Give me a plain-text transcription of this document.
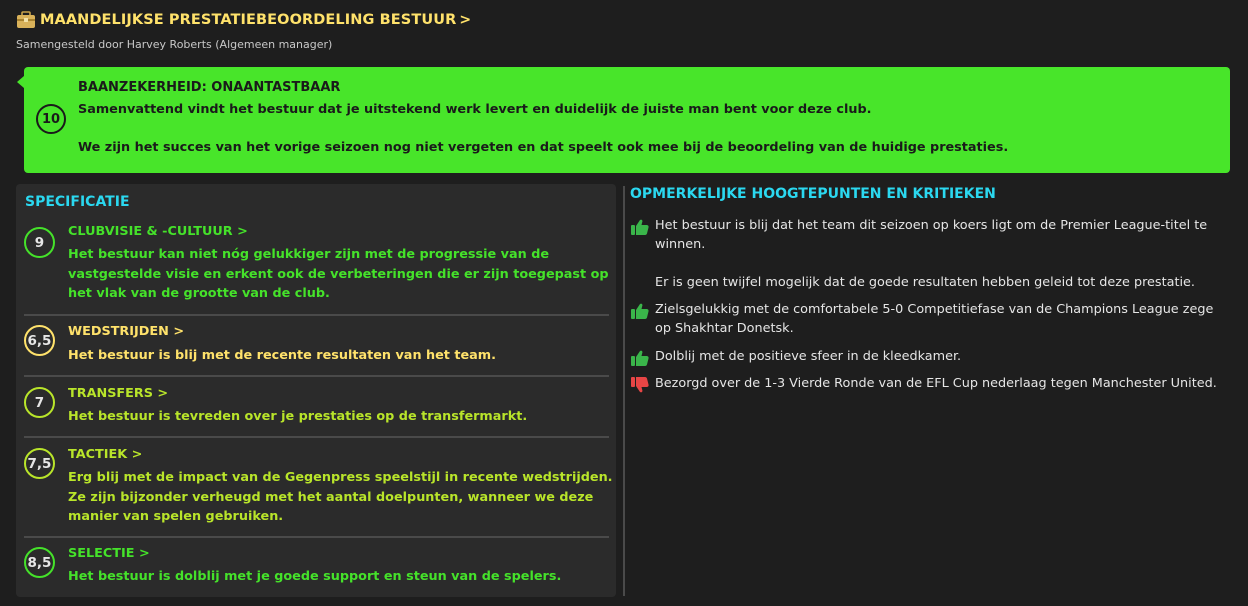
MAANDELIJKSE PRESTATIEBEOORDELING BESTUUR >
Samengesteld door Harvey Roberts (Algemeen manager)
10
BAANZEKERHEID: ONAANTASTBAAR
Samenvattend vindt het bestuur dat je uitstekend werk levert en duidelijk de juiste man bent voor deze club.
We zijn het succes van het vorige seizoen nog niet vergeten en dat speelt ook mee bij de beoordeling van de huidige prestaties.
SPECIFICATIE
9
CLUBVISIE & -CULTUUR >
Het bestuur kan niet nóg gelukkiger zijn met de progressie van de vastgestelde visie en erkent ook de verbeteringen die er zijn toegepast op het vlak van de grootte van de club.
6,5
WEDSTRIJDEN >
Het bestuur is blij met de recente resultaten van het team.
7
TRANSFERS >
Het bestuur is tevreden over je prestaties op de transfermarkt.
7,5
TACTIEK >
Erg blij met de impact van de Gegenpress speelstijl in recente wedstrijden. Ze zijn bijzonder verheugd met het aantal doelpunten, wanneer we deze manier van spelen gebruiken.
8,5
SELECTIE >
Het bestuur is dolblij met je goede support en steun van de spelers.
OPMERKELIJKE HOOGTEPUNTEN EN KRITIEKEN
Het bestuur is blij dat het team dit seizoen op koers ligt om de Premier League-titel te winnen.
Er is geen twijfel mogelijk dat de goede resultaten hebben geleid tot deze prestatie.
Zielsgelukkig met de comfortabele 5-0 Competitiefase van de Champions League zege op Shakhtar Donetsk.
Dolblij met de positieve sfeer in de kleedkamer.
Bezorgd over de 1-3 Vierde Ronde van de EFL Cup nederlaag tegen Manchester United.
